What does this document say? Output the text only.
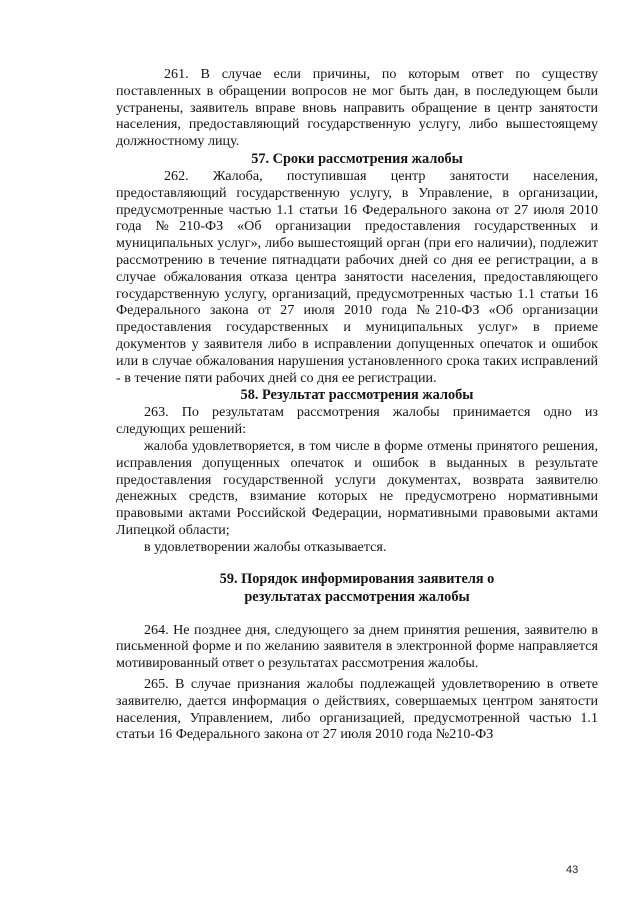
261. В случае если причины, по которым ответ по существу поставленных в обращении вопросов не мог быть дан, в последующем были устранены, заявитель вправе вновь направить обращение в центр занятости населения, предоставляющий государственную услугу, либо вышестоящему должностному лицу.

57. Сроки рассмотрения жалобы

262. Жалоба, поступившая центр занятости населения, предоставляющий государственную услугу, в Управление, в организации, предусмотренные частью 1.1 статьи 16 Федерального закона от 27 июля 2010 года №210-ФЗ «Об организации предоставления государственных и муниципальных услуг», либо вышестоящий орган (при его наличии), подлежит рассмотрению в течение пятнадцати рабочих дней со дня ее регистрации, а в случае обжалования отказа центра занятости населения, предоставляющего государственную услугу, организаций, предусмотренных частью 1.1 статьи 16 Федерального закона от 27 июля 2010 года №210-ФЗ «Об организации предоставления государственных и муниципальных услуг» в приеме документов у заявителя либо в исправлении допущенных опечаток и ошибок или в случае обжалования нарушения установленного срока таких исправлений - в течение пяти рабочих дней со дня ее регистрации.

58. Результат рассмотрения жалобы

263. По результатам рассмотрения жалобы принимается одно из следующих решений:

жалоба удовлетворяется, в том числе в форме отмены принятого решения, исправления допущенных опечаток и ошибок в выданных в результате предоставления государственной услуги документах, возврата заявителю денежных средств, взимание которых не предусмотрено нормативными правовыми актами Российской Федерации, нормативными правовыми актами Липецкой области;

в удовлетворении жалобы отказывается.

59. Порядок информирования заявителя о
результатах рассмотрения жалобы

264. Не позднее дня, следующего за днем принятия решения, заявителю в письменной форме и по желанию заявителя в электронной форме направляется мотивированный ответ о результатах рассмотрения жалобы.

265. В случае признания жалобы подлежащей удовлетворению в ответе заявителю, дается информация о действиях, совершаемых центром занятости населения, Управлением, либо организацией, предусмотренной частью 1.1 статьи 16 Федерального закона от 27 июля 2010 года №210-ФЗ

43
